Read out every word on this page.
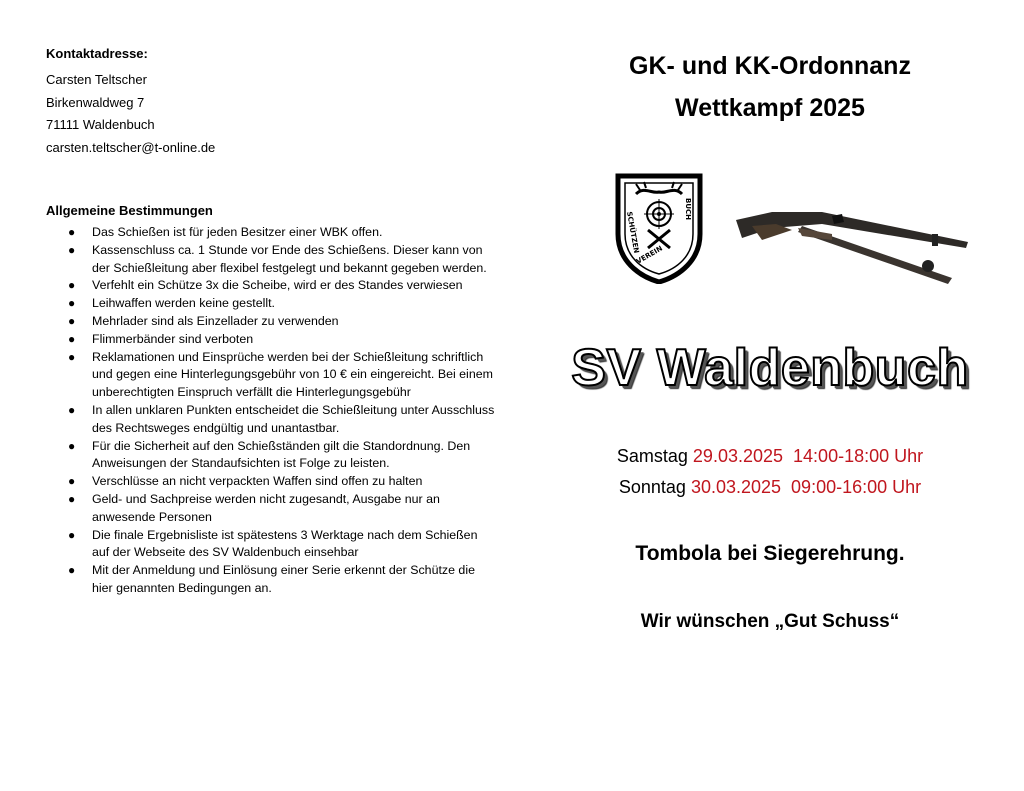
Kontaktadresse:
Carsten Teltscher
Birkenwaldweg 7
71111 Waldenbuch
carsten.teltscher@t-online.de
Allgemeine Bestimmungen
● Das Schießen ist für jeden Besitzer einer WBK offen.
● Kassenschluss ca. 1 Stunde vor Ende des Schießens. Dieser kann von der Schießleitung aber flexibel festgelegt und bekannt gegeben werden.
● Verfehlt ein Schütze 3x die Scheibe, wird er des Standes verwiesen
● Leihwaffen werden keine gestellt.
● Mehrlader sind als Einzellader zu verwenden
● Flimmerbänder sind verboten
● Reklamationen und Einsprüche werden bei der Schießleitung schriftlich und gegen eine Hinterlegungsgebühr von 10 € ein eingereicht. Bei einem unberechtigten Einspruch verfällt die Hinterlegungsgebühr
● In allen unklaren Punkten entscheidet die Schießleitung unter Ausschluss des Rechtsweges endgültig und unantastbar.
● Für die Sicherheit auf den Schießständen gilt die Standordnung. Den Anweisungen der Standaufsichten ist Folge zu leisten.
● Verschlüsse an nicht verpackten Waffen sind offen zu halten
● Geld- und Sachpreise werden nicht zugesandt, Ausgabe nur an anwesende Personen
● Die finale Ergebnisliste ist spätestens 3 Werktage nach dem Schießen auf der Webseite des SV Waldenbuch einsehbar
● Mit der Anmeldung und Einlösung einer Serie erkennt der Schütze die hier genannten Bedingungen an.
GK- und KK-Ordonnanz
Wettkampf 2025
SCHÜTZEN
BUCH
VEREIN
SV Waldenbuch
Samstag 29.03.2025 14:00-18:00 Uhr
Sonntag 30.03.2025 09:00-16:00 Uhr
Tombola bei Siegerehrung.
Wir wünschen „Gut Schuss“
